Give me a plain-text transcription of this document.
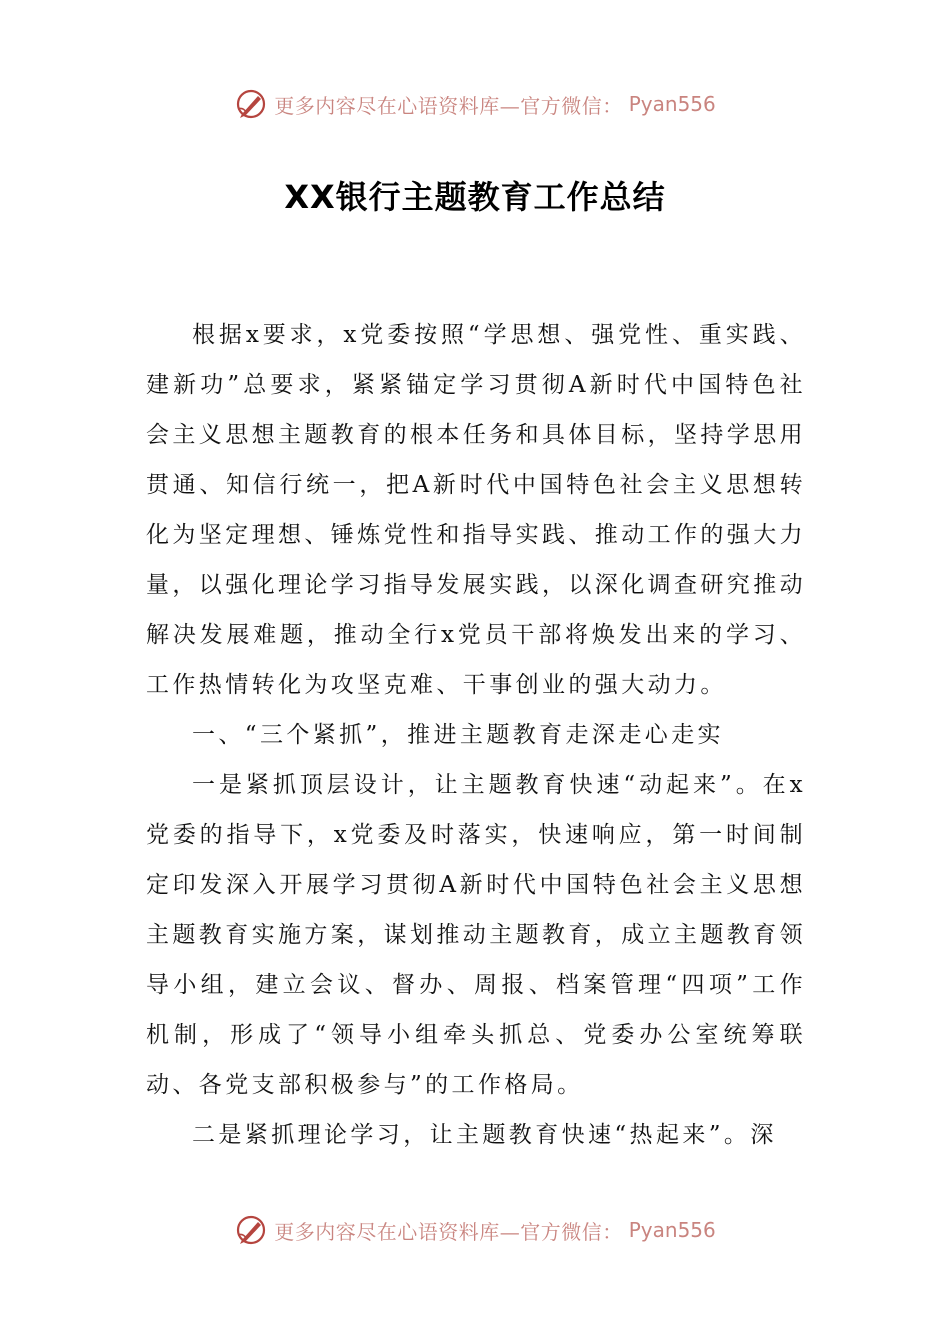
更多内容尽在心语资料库—官方微信： Pyan556
XX银行主题教育工作总结

根据x要求，x党委按照“学思想、强党性、重实践、建新功”总要求，紧紧锚定学习贯彻A新时代中国特色社会主义思想主题教育的根本任务和具体目标，坚持学思用贯通、知信行统一，把A新时代中国特色社会主义思想转化为坚定理想、锤炼党性和指导实践、推动工作的强大力量，以强化理论学习指导发展实践，以深化调查研究推动解决发展难题，推动全行x党员干部将焕发出来的学习、工作热情转化为攻坚克难、干事创业的强大动力。

一、“三个紧抓”，推进主题教育走深走心走实

一是紧抓顶层设计，让主题教育快速“动起来”。在x党委的指导下，x党委及时落实，快速响应，第一时间制定印发深入开展学习贯彻A新时代中国特色社会主义思想主题教育实施方案，谋划推动主题教育，成立主题教育领导小组，建立会议、督办、周报、档案管理“四项”工作机制，形成了“领导小组牵头抓总、党委办公室统筹联动、各党支部积极参与”的工作格局。

二是紧抓理论学习，让主题教育快速“热起来”。深

更多内容尽在心语资料库—官方微信： Pyan556
